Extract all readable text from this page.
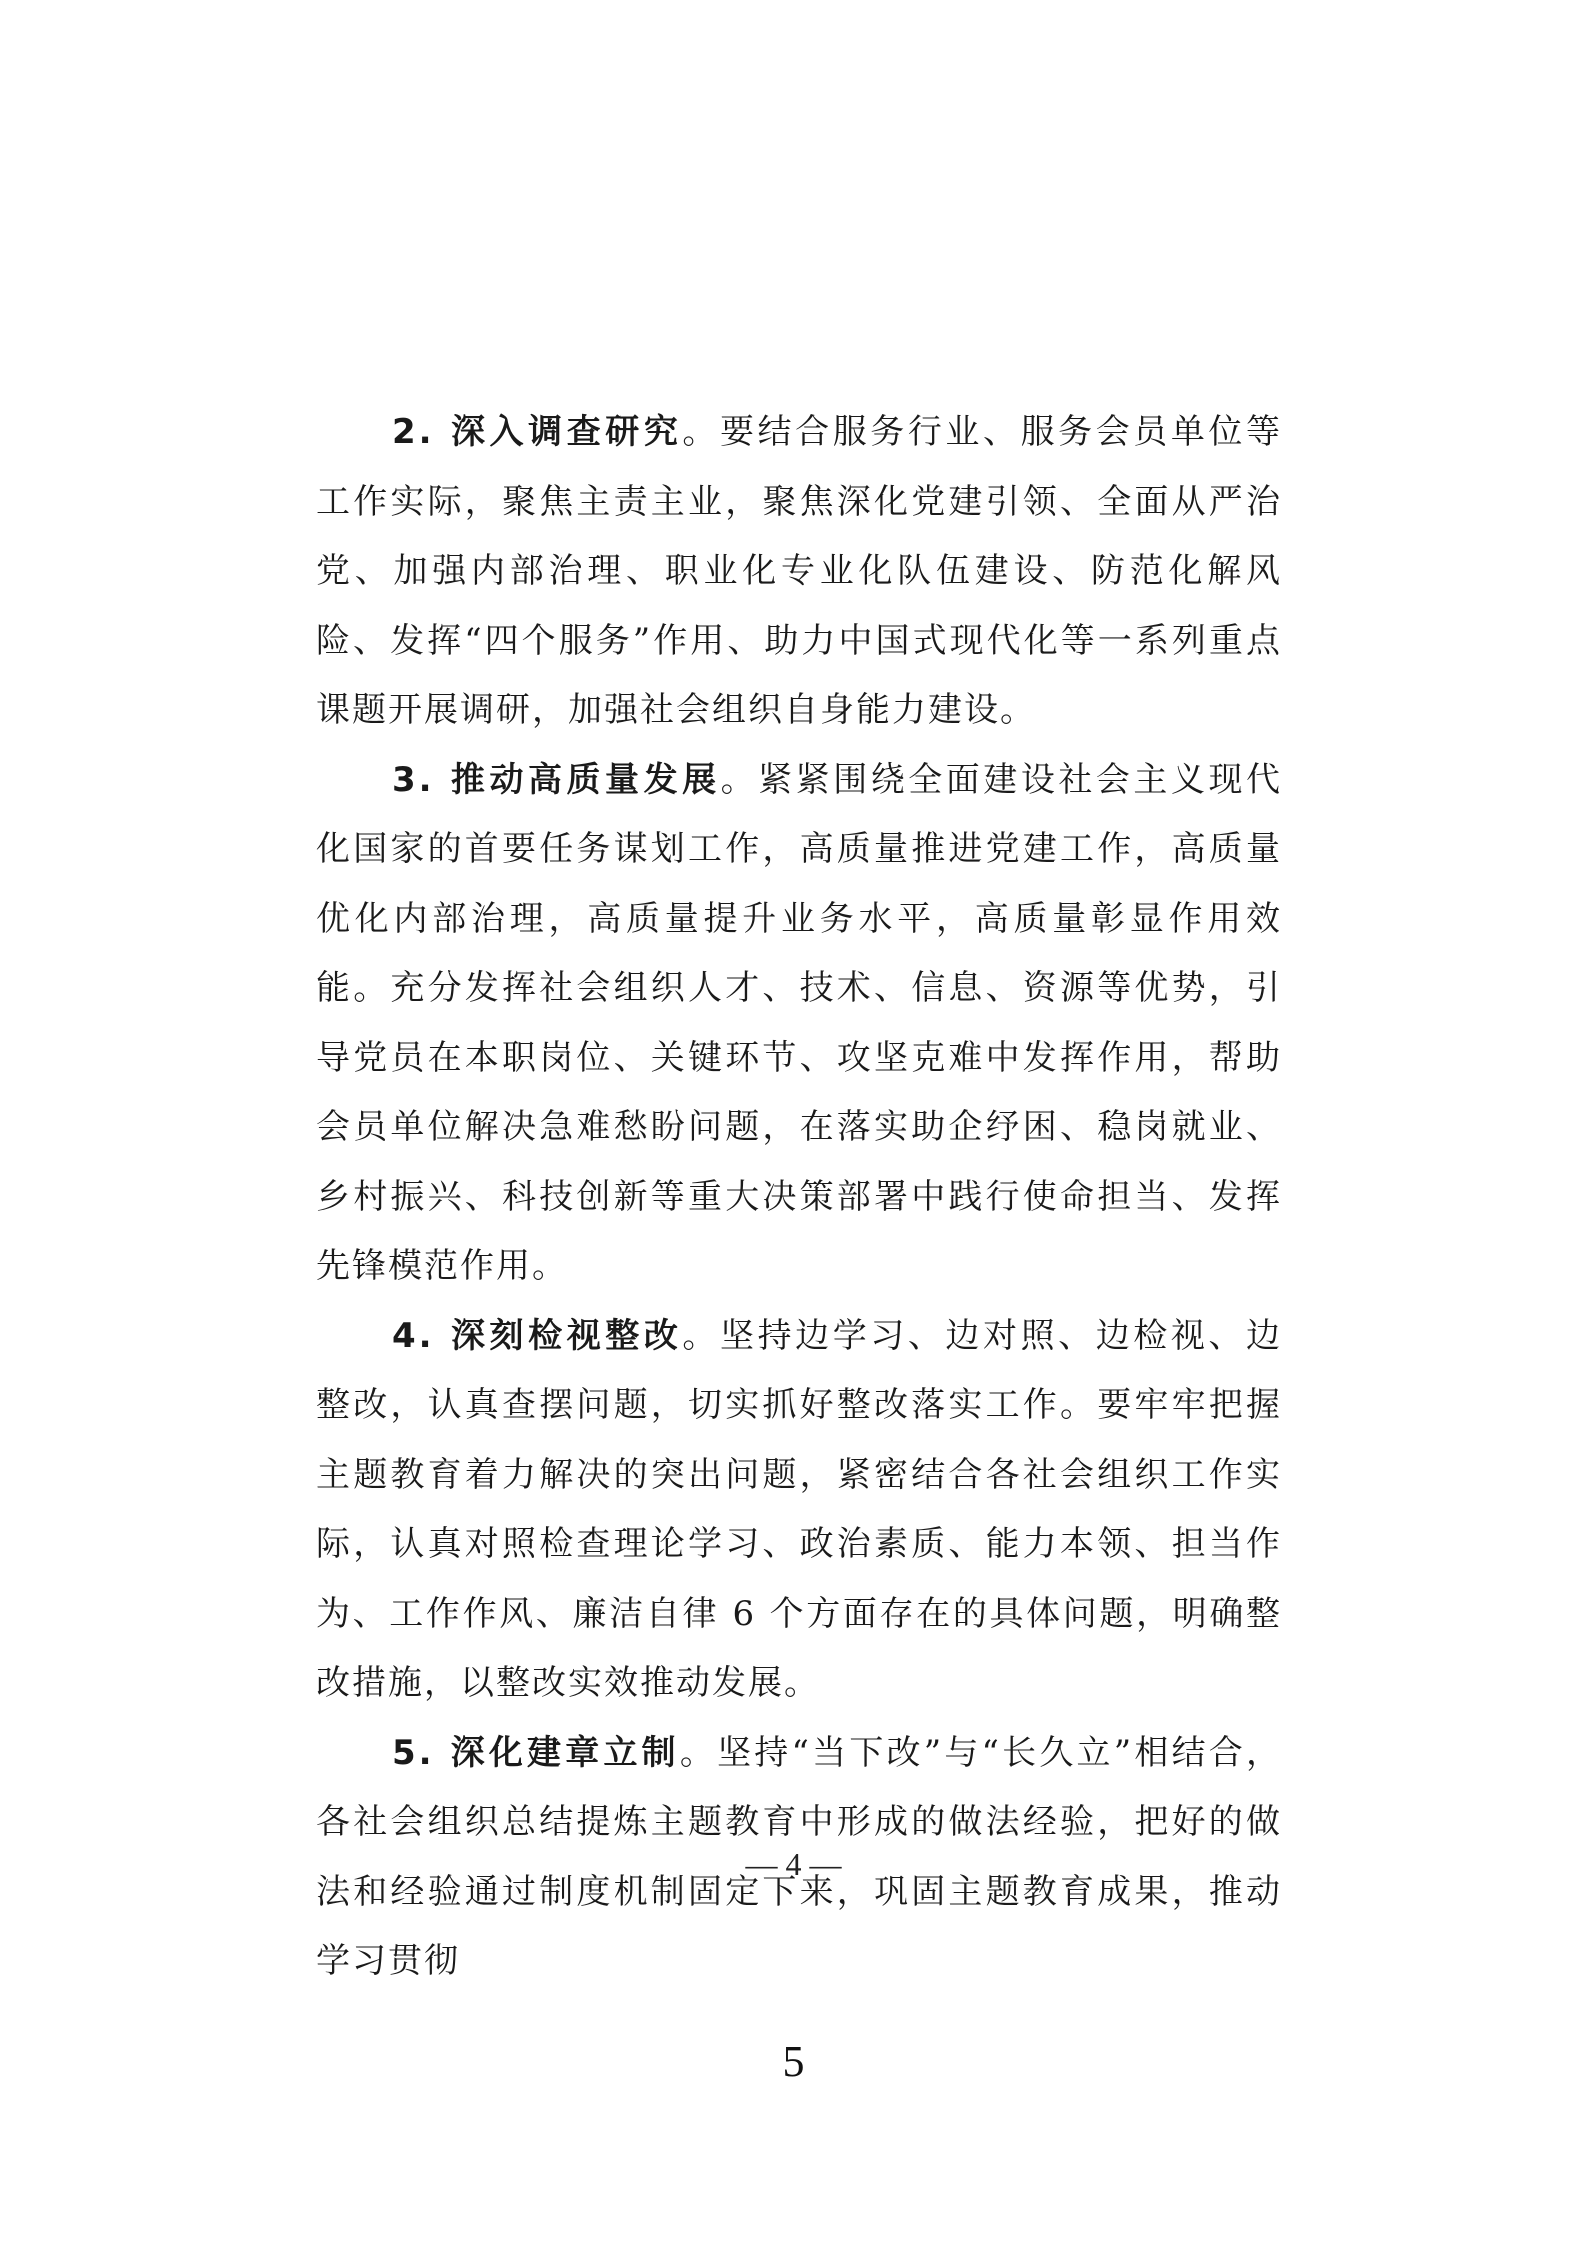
2. 深入调查研究。要结合服务行业、服务会员单位等工作实际，聚焦主责主业，聚焦深化党建引领、全面从严治党、加强内部治理、职业化专业化队伍建设、防范化解风险、发挥“四个服务”作用、助力中国式现代化等一系列重点课题开展调研，加强社会组织自身能力建设。

3. 推动高质量发展。紧紧围绕全面建设社会主义现代化国家的首要任务谋划工作，高质量推进党建工作，高质量优化内部治理，高质量提升业务水平，高质量彰显作用效能。充分发挥社会组织人才、技术、信息、资源等优势，引导党员在本职岗位、关键环节、攻坚克难中发挥作用，帮助会员单位解决急难愁盼问题，在落实助企纾困、稳岗就业、乡村振兴、科技创新等重大决策部署中践行使命担当、发挥先锋模范作用。

4. 深刻检视整改。坚持边学习、边对照、边检视、边整改，认真查摆问题，切实抓好整改落实工作。要牢牢把握主题教育着力解决的突出问题，紧密结合各社会组织工作实际，认真对照检查理论学习、政治素质、能力本领、担当作为、工作作风、廉洁自律 6 个方面存在的具体问题，明确整改措施，以整改实效推动发展。

5. 深化建章立制。坚持“当下改”与“长久立”相结合，各社会组织总结提炼主题教育中形成的做法经验，把好的做法和经验通过制度机制固定下来，巩固主题教育成果，推动学习贯彻

— 4 —
5
